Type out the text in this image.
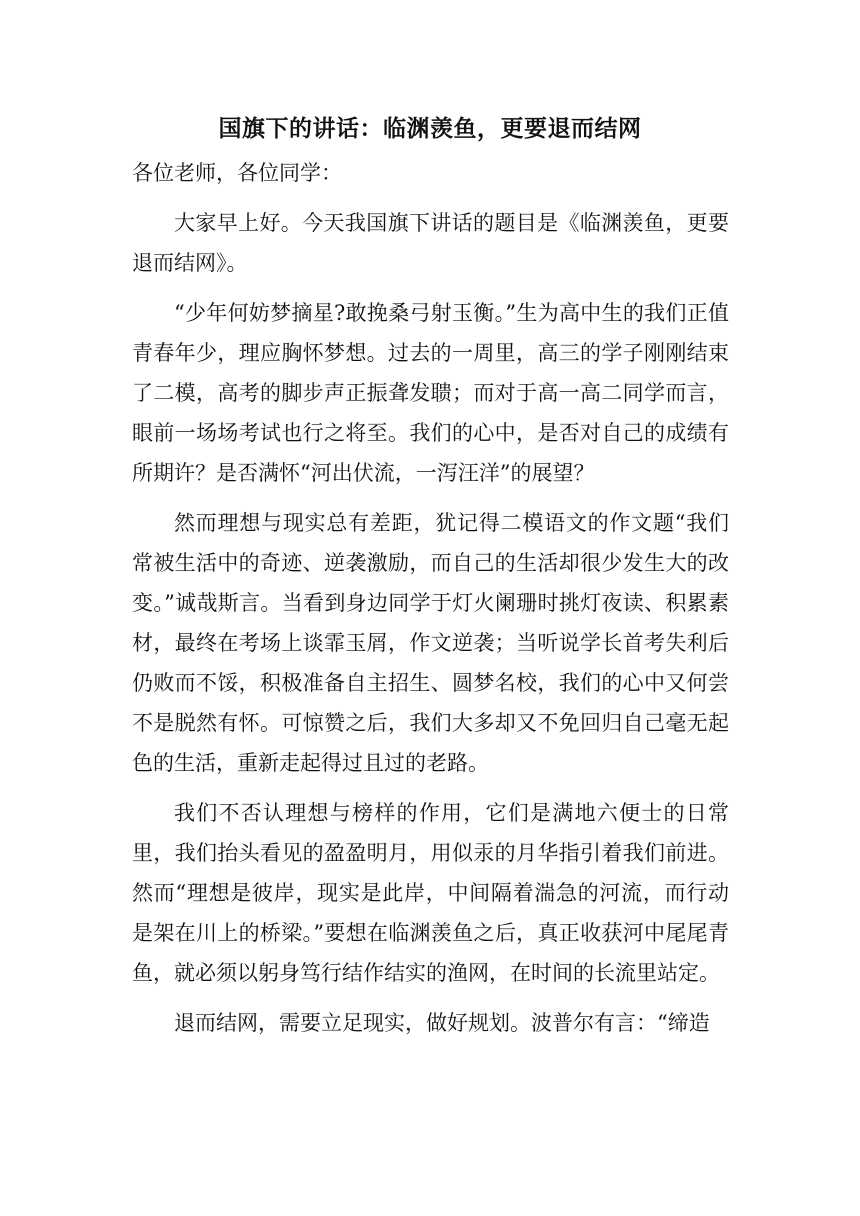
国旗下的讲话：临渊羡鱼，更要退而结网

各位老师，各位同学：

大家早上好。今天我国旗下讲话的题目是《临渊羡鱼，更要退而结网》。

“少年何妨梦摘星?敢挽桑弓射玉衡。”生为高中生的我们正值青春年少，理应胸怀梦想。过去的一周里，高三的学子刚刚结束了二模，高考的脚步声正振聋发聩；而对于高一高二同学而言，眼前一场场考试也行之将至。我们的心中，是否对自己的成绩有所期许？是否满怀“河出伏流，一泻汪洋”的展望？

然而理想与现实总有差距，犹记得二模语文的作文题“我们常被生活中的奇迹、逆袭激励，而自己的生活却很少发生大的改变。”诚哉斯言。当看到身边同学于灯火阑珊时挑灯夜读、积累素材，最终在考场上谈霏玉屑，作文逆袭；当听说学长首考失利后仍败而不馁，积极准备自主招生、圆梦名校，我们的心中又何尝不是脱然有怀。可惊赞之后，我们大多却又不免回归自己毫无起色的生活，重新走起得过且过的老路。

我们不否认理想与榜样的作用，它们是满地六便士的日常里，我们抬头看见的盈盈明月，用似汞的月华指引着我们前进。然而“理想是彼岸，现实是此岸，中间隔着湍急的河流，而行动是架在川上的桥梁。”要想在临渊羡鱼之后，真正收获河中尾尾青鱼，就必须以躬身笃行结作结实的渔网，在时间的长流里站定。

退而结网，需要立足现实，做好规划。波普尔有言：“缔造
